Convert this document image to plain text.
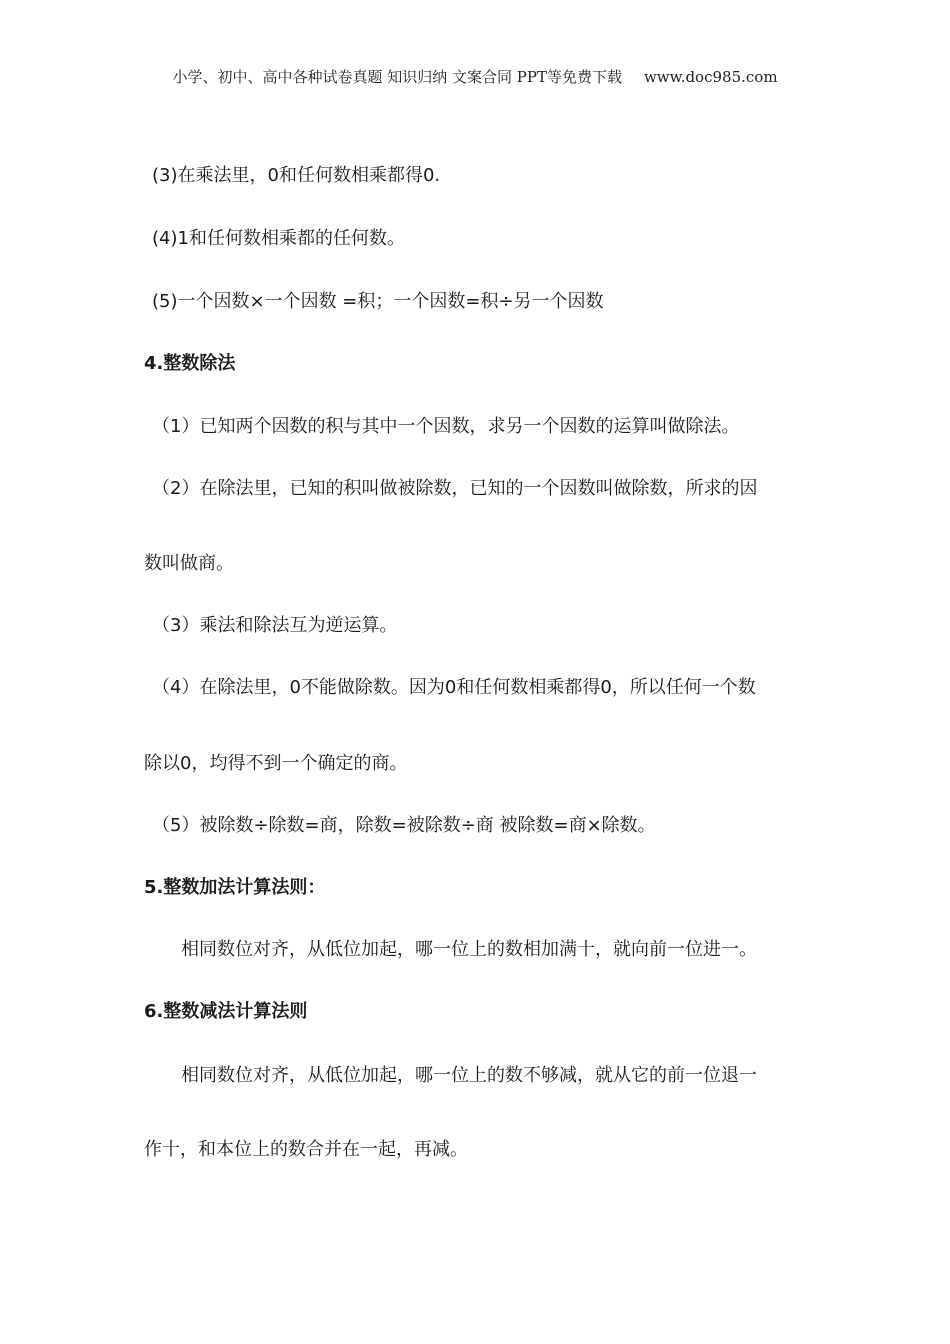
小学、初中、高中各种试卷真题 知识归纳 文案合同 PPT等免费下载 www.doc985.com
(3)在乘法里，0和任何数相乘都得0.
(4)1和任何数相乘都的任何数。
(5)一个因数×一个因数 =积；一个因数=积÷另一个因数
4.整数除法
（1）已知两个因数的积与其中一个因数，求另一个因数的运算叫做除法。
（2）在除法里，已知的积叫做被除数，已知的一个因数叫做除数，所求的因
数叫做商。
（3）乘法和除法互为逆运算。
（4）在除法里，0不能做除数。因为0和任何数相乘都得0，所以任何一个数
除以0，均得不到一个确定的商。
（5）被除数÷除数=商，除数=被除数÷商 被除数=商×除数。
5.整数加法计算法则：
相同数位对齐，从低位加起，哪一位上的数相加满十，就向前一位进一。
6.整数减法计算法则
相同数位对齐，从低位加起，哪一位上的数不够减，就从它的前一位退一
作十，和本位上的数合并在一起，再减。
